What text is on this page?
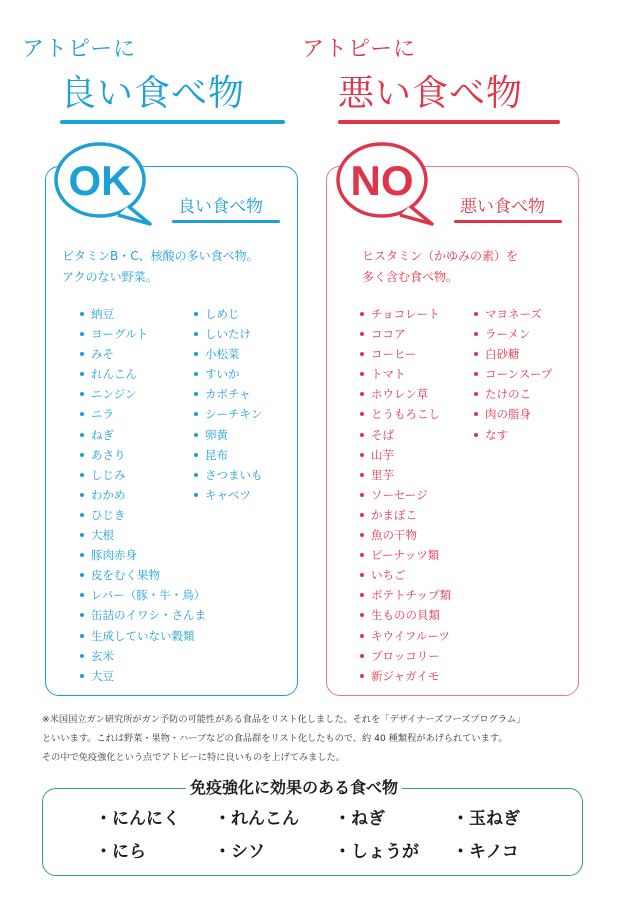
アトピーに
良い食べ物
アトピーに
悪い食べ物
納豆
ヨーグルト
みそ
れんこん
ニンジン
ニラ
ねぎ
あさり
しじみ
わかめ
ひじき
大根
豚肉赤身
皮をむく果物
レバー（豚・牛・鳥）
缶詰のイワシ・さんま
生成していない穀類
玄米
大豆
しめじ
しいたけ
小松菜
すいか
カボチャ
シーチキン
卵黄
昆布
さつまいも
キャベツ
OK
良い食べ物
ビタミンB・C、核酸の多い食べ物。
アクのない野菜。
チョコレート
ココア
コーヒー
トマト
ホウレン草
とうもろこし
そば
山芋
里芋
ソーセージ
かまぼこ
魚の干物
ピーナッツ類
いちご
ポテトチップ類
生ものの貝類
キウイフルーツ
ブロッコリー
新ジャガイモ
マヨネーズ
ラーメン
白砂糖
コーンスープ
たけのこ
肉の脂身
なす
NO
悪い食べ物
ヒスタミン（かゆみの素）を
多く含む食べ物。

※米国国立ガン研究所がガン予防の可能性がある食品をリスト化しました。それを「デザイナーズフーズプログラム」

といいます。これは野菜・果物・ハーブなどの食品群をリスト化したもので、約 40 種類程があげられています。

その中で免疫強化という点でアトピーに特に良いものを上げてみました。

免疫強化に効果のある食べ物
・にんにく ・れんこん ・ねぎ	・玉ねぎ
・にら	・シソ	・しょうが ・キノコ
